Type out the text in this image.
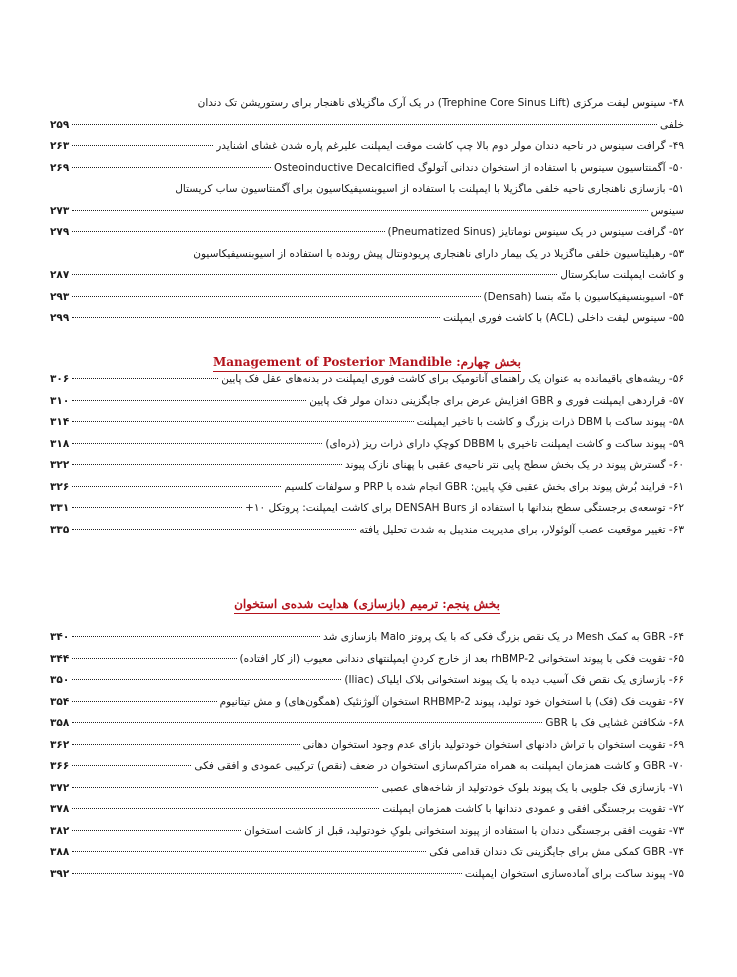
۴۸- سینوس لیفت مرکزی (Trephine Core Sinus Lift) در یک آرک ماگزیلای ناهنجار برای رستوریشن تک دندان
خلفی
۲۵۹
۴۹- گرافت سینوس در ناحیه دندان مولر دوم بالا چپ کاشت موقت ایمپلنت علیرغم پاره شدن غشای اشنایدر
۲۶۳
۵۰- آگمنتاسیون سینوس با استفاده از استخوان دندانی آتولوگ Osteoinductive Decalcified
۲۶۹
۵۱- بازسازی ناهنجاری ناحیه خلفی ماگزیلا با ایمپلنت با استفاده از اسیوبنسیفیکاسیون برای آگمنتاسیون ساب کریستال
سینوس
۲۷۳
۵۲- گرافت سینوس در یک سینوس نوماتایز (Pneumatized Sinus)
۲۷۹
۵۳- رهبلیتاسیون خلفی ماگزیلا در یک بیمار دارای ناهنجاری پریودونتال پیش رونده با استفاده از اسیوبنسیفیکاسیون
و کاشت ایمپلنت سابکرستال
۲۸۷
۵۴- اسیوبنسیفیکاسیون با متّه بنسا (Densah)
۲۹۳
۵۵- سینوس لیفت داخلی (ACL) با کاشت فوری ایمپلنت
۲۹۹
بخش چهارم: Management of Posterior Mandible
۵۶- ریشه‌های باقیمانده به عنوان یک راهنمای آناتومیک برای کاشت فوری ایمپلنت در بدنه‌های عقل فک پایین
۳۰۶
۵۷- قراردهی ایمپلنت فوری و GBR افزایش عرض برای جایگزینی دندان مولر فک پایین
۳۱۰
۵۸- پیوند ساکت با DBM ذرات بزرگ و کاشت با تاخیر ایمپلنت
۳۱۴
۵۹- پیوند ساکت و کاشت ایمپلنت تاخیری با DBBM کوچکِ دارای ذرات ریز (ذره‌ای)
۳۱۸
۶۰- گسترش پیوند در یک بخش سطح پایی نتر ناحیه‌ی عقبی با پهنای نازک پیوند
۳۲۲
۶۱- فرایند بُرش پیوند برای بخش عقبی فکِ پایین: GBR انجام شده با PRP و سولفات کلسیم
۳۲۶
۶۲- توسعه‌ی برجستگی سطح بندانها با استفاده از DENSAH Burs برای کاشت ایمپلنت: پروتکل ۱۰+
۳۳۱
۶۳- تغییر موقعیت عصب آلوئولار، برای مدیریت مندیبل به شدت تحلیل یافته
۳۳۵
بخش پنجم: ترمیم (بازسازی) هدایت شده‌ی استخوان
۶۴- GBR به کمک Mesh در یک نقص بزرگ فکی که با یک پروتز Malo بازسازی شد
۳۴۰
۶۵- تقویت فکی با پیوند استخوانی rhBMP-2 بعد از خارج کردنِ ایمپلنتهای دندانی معیوب (از کار افتاده)
۳۴۴
۶۶- بازسازی یک نقص فک آسیب دیده با یک پیوند استخوانی بلاک ایلیاک (Iliac)
۳۵۰
۶۷- تقویت فک (فک) با استخوان خود تولید، پیوند RHBMP-2 استخوان آلوژنئیک (همگون‌های) و مش تیتانیوم
۳۵۴
۶۸- شکافتن غشایی فک با GBR
۳۵۸
۶۹- تقویت استخوان با تراش دادنهای استخوان خودتولید بازای عدم وجود استخوان دهانی
۳۶۲
۷۰- GBR و کاشت همزمان ایمپلنت به همراه متراکم‌سازی استخوان در ضعف (نقص) ترکیبی عمودی و افقی فکی
۳۶۶
۷۱- بازسازی فک جلویی با یک پیوند بلوک خودتولید از شاخه‌های عصبی
۳۷۲
۷۲- تقویت برجستگی افقی و عمودی دندانها با کاشت همزمان ایمپلنت
۳۷۸
۷۳- تقویت افقی برجستگی دندان با استفاده از پیوند استخوانی بلوکِ خودتولید، قبل از کاشت استخوان
۳۸۲
۷۴- GBR کمکی مش برای جایگزینی تک دندان قدامی فکی
۳۸۸
۷۵- پیوند ساکت برای آماده‌سازی استخوان ایمپلنت
۳۹۲
